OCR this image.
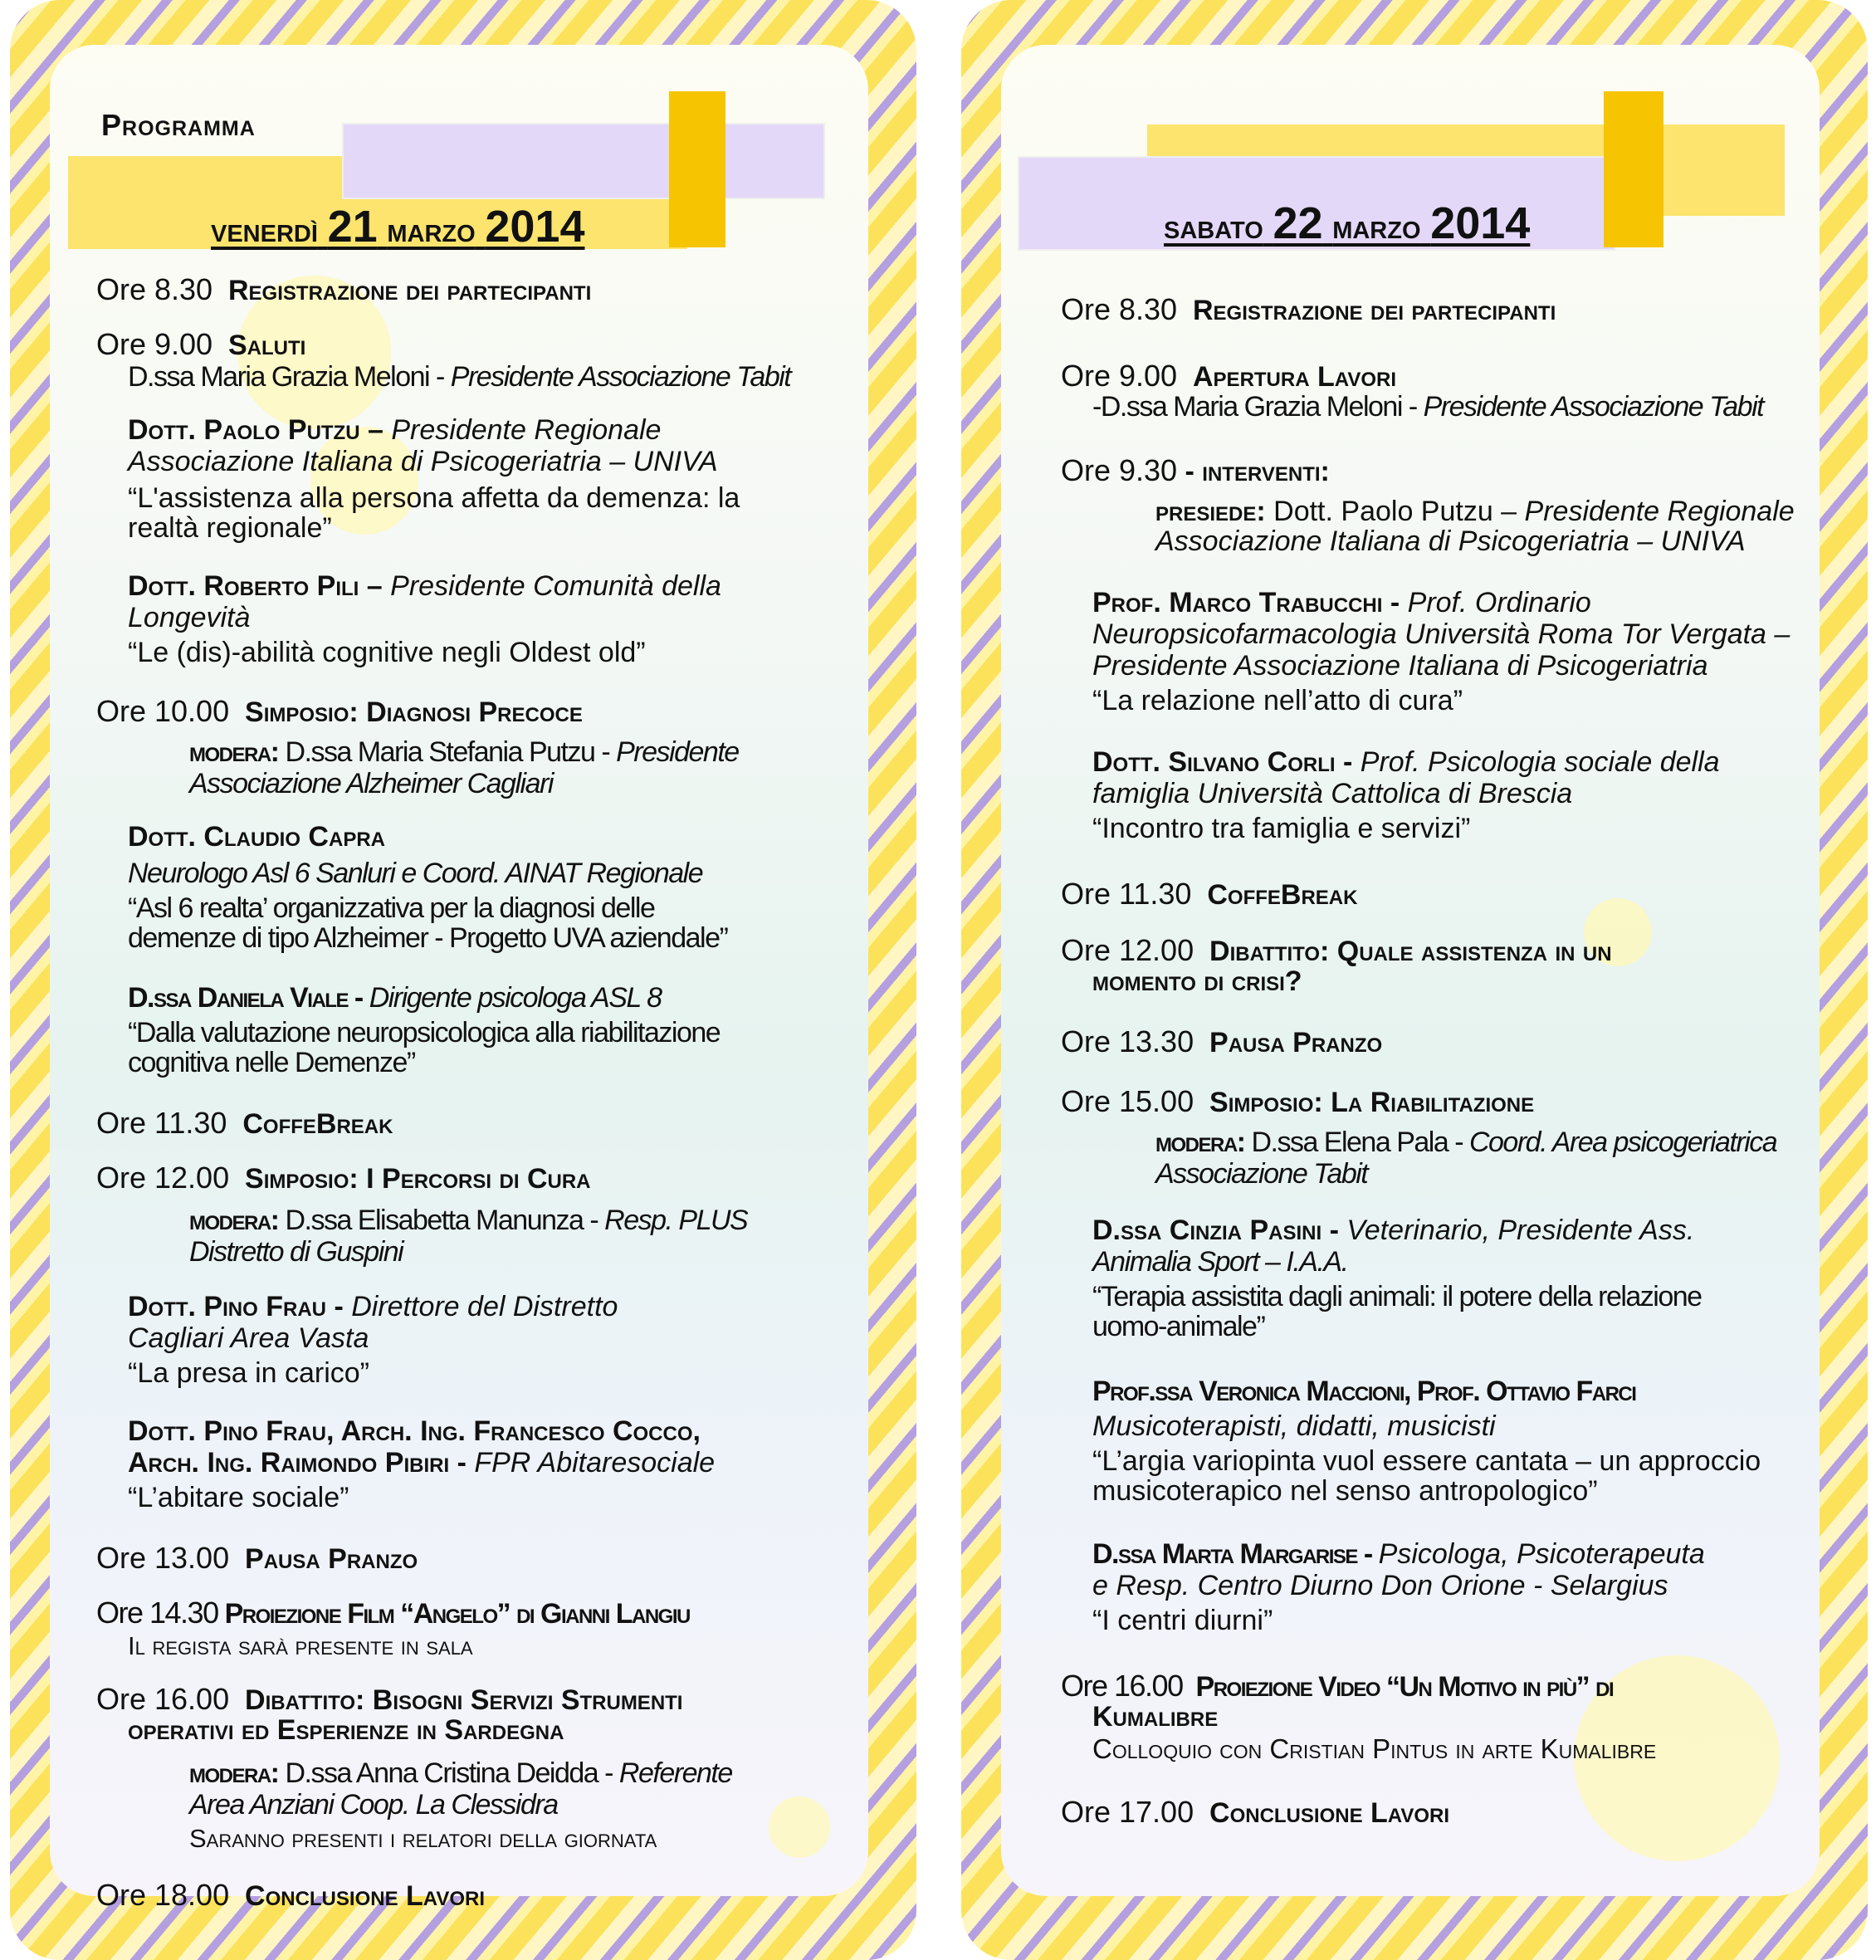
Programma
venerdì 21 marzo 2014
Ore 8.30 Registrazione dei partecipanti
Ore 9.00 Saluti
D.ssa Maria Grazia Meloni - Presidente Associazione Tabit
Dott. Paolo Putzu – Presidente Regionale
Associazione Italiana di Psicogeriatria – UNIVA
“L'assistenza alla persona affetta da demenza: la
realtà regionale”
Dott. Roberto Pili – Presidente Comunità della
Longevità
“Le (dis)-abilità cognitive negli Oldest old”
Ore 10.00 Simposio: Diagnosi Precoce
modera: D.ssa Maria Stefania Putzu - Presidente
Associazione Alzheimer Cagliari
Dott. Claudio Capra
Neurologo Asl 6 Sanluri e Coord. AINAT Regionale
“Asl 6 realta’ organizzativa per la diagnosi delle
demenze di tipo Alzheimer - Progetto UVA aziendale”
D.ssa Daniela Viale - Dirigente psicologa ASL 8
“Dalla valutazione neuropsicologica alla riabilitazione
cognitiva nelle Demenze”
Ore 11.30 CoffeBreak
Ore 12.00 Simposio: I Percorsi di Cura
modera: D.ssa Elisabetta Manunza - Resp. PLUS
Distretto di Guspini
Dott. Pino Frau - Direttore del Distretto
Cagliari Area Vasta
“La presa in carico”
Dott. Pino Frau, Arch. Ing. Francesco Cocco,
Arch. Ing. Raimondo Pibiri - FPR Abitaresociale
“L’abitare sociale”
Ore 13.00 Pausa Pranzo
Ore 14.30 Proiezione Film “Angelo” di Gianni Langiu
Il regista sarà presente in sala
Ore 16.00 Dibattito: Bisogni Servizi Strumenti
operativi ed Esperienze in Sardegna
modera: D.ssa Anna Cristina Deidda - Referente
Area Anziani Coop. La Clessidra
Saranno presenti i relatori della giornata
Ore 18.00 Conclusione Lavori
sabato 22 marzo 2014
Ore 8.30 Registrazione dei partecipanti
Ore 9.00 Apertura Lavori
-D.ssa Maria Grazia Meloni - Presidente Associazione Tabit
Ore 9.30 - interventi:
presiede: Dott. Paolo Putzu – Presidente Regionale
Associazione Italiana di Psicogeriatria – UNIVA
Prof. Marco Trabucchi - Prof. Ordinario
Neuropsicofarmacologia Università Roma Tor Vergata –
Presidente Associazione Italiana di Psicogeriatria
“La relazione nell’atto di cura”
Dott. Silvano Corli - Prof. Psicologia sociale della
famiglia Università Cattolica di Brescia
“Incontro tra famiglia e servizi”
Ore 11.30 CoffeBreak
Ore 12.00 Dibattito: Quale assistenza in un
momento di crisi?
Ore 13.30 Pausa Pranzo
Ore 15.00 Simposio: La Riabilitazione
modera: D.ssa Elena Pala - Coord. Area psicogeriatrica
Associazione Tabit
D.ssa Cinzia Pasini - Veterinario, Presidente Ass.
Animalia Sport – I.A.A.
“Terapia assistita dagli animali: il potere della relazione
uomo-animale”
Prof.ssa Veronica Maccioni, Prof. Ottavio Farci
Musicoterapisti, didatti, musicisti
“L’argia variopinta vuol essere cantata – un approccio
musicoterapico nel senso antropologico”
D.ssa Marta Margarise - Psicologa, Psicoterapeuta
e Resp. Centro Diurno Don Orione - Selargius
“I centri diurni”
Ore 16.00 Proiezione Video “Un Motivo in più” di
Kumalibre
Colloquio con Cristian Pintus in arte Kumalibre
Ore 17.00 Conclusione Lavori
